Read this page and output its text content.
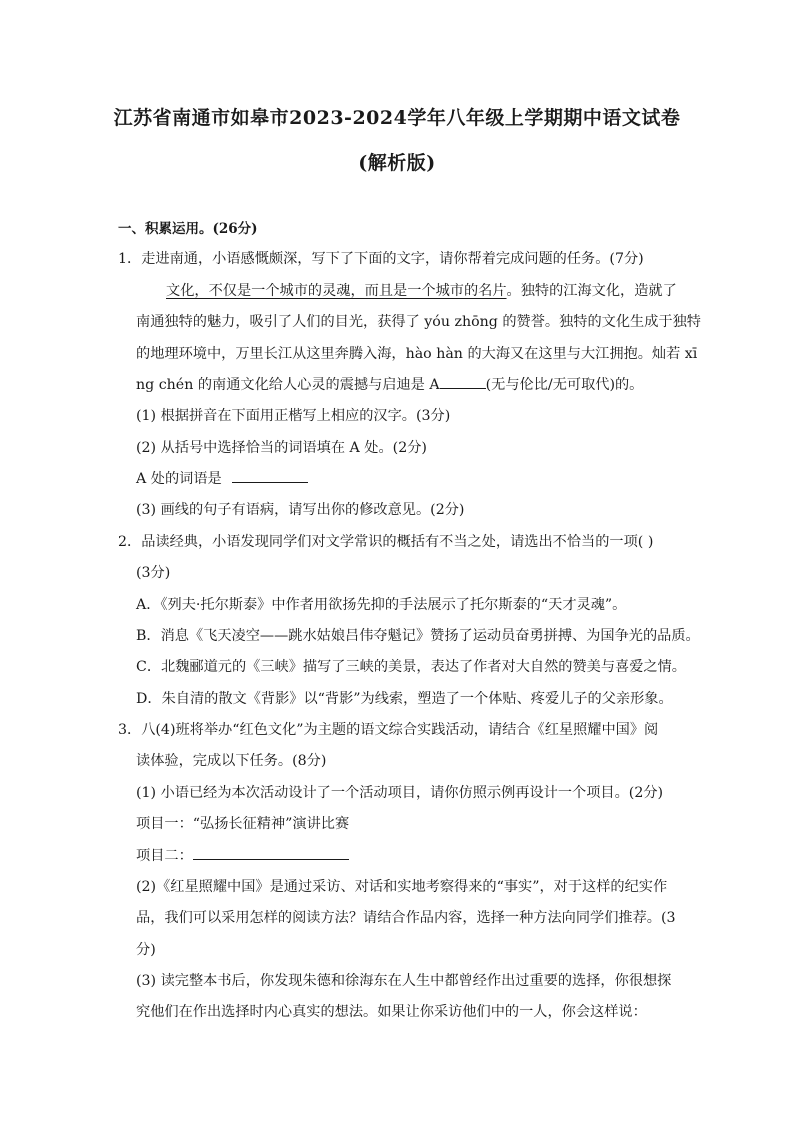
江苏省南通市如皋市2023-2024学年八年级上学期期中语文试卷
(解析版)
一、积累运用。(26分)
1．走进南通，小语感慨颇深，写下了下面的文字，请你帮着完成问题的任务。(7分)
文化，不仅是一个城市的灵魂，而且是一个城市的名片。独特的江海文化，造就了
南通独特的魅力，吸引了人们的目光，获得了 yóu zhōng 的赞誉。独特的文化生成于独特
的地理环境中，万里长江从这里奔腾入海，hào hàn 的大海又在这里与大江拥抱。灿若 xī
ng chén 的南通文化给人心灵的震撼与启迪是 A	(无与伦比/无可取代)的。
(1) 根据拼音在下面用正楷写上相应的汉字。(3分)
(2) 从括号中选择恰当的词语填在 A 处。(2分)
A 处的词语是
(3) 画线的句子有语病，请写出你的修改意见。(2分)
2．品读经典，小语发现同学们对文学常识的概括有不当之处，请选出不恰当的一项( )
(3分)
A．《列夫·托尔斯泰》中作者用欲扬先抑的手法展示了托尔斯泰的“天才灵魂”。
B．消息《飞天凌空——跳水姑娘吕伟夺魁记》赞扬了运动员奋勇拼搏、为国争光的品质。
C．北魏郦道元的《三峡》描写了三峡的美景，表达了作者对大自然的赞美与喜爱之情。
D．朱自清的散文《背影》以“背影”为线索，塑造了一个体贴、疼爱儿子的父亲形象。
3．八(4)班将举办“红色文化”为主题的语文综合实践活动，请结合《红星照耀中国》阅
读体验，完成以下任务。(8分)
(1) 小语已经为本次活动设计了一个活动项目，请你仿照示例再设计一个项目。(2分)
项目一：“弘扬长征精神”演讲比赛
项目二：
(2)《红星照耀中国》是通过采访、对话和实地考察得来的“事实”，对于这样的纪实作
品，我们可以采用怎样的阅读方法？请结合作品内容，选择一种方法向同学们推荐。(3
分)
(3) 读完整本书后，你发现朱德和徐海东在人生中都曾经作出过重要的选择，你很想探
究他们在作出选择时内心真实的想法。如果让你采访他们中的一人，你会这样说：
